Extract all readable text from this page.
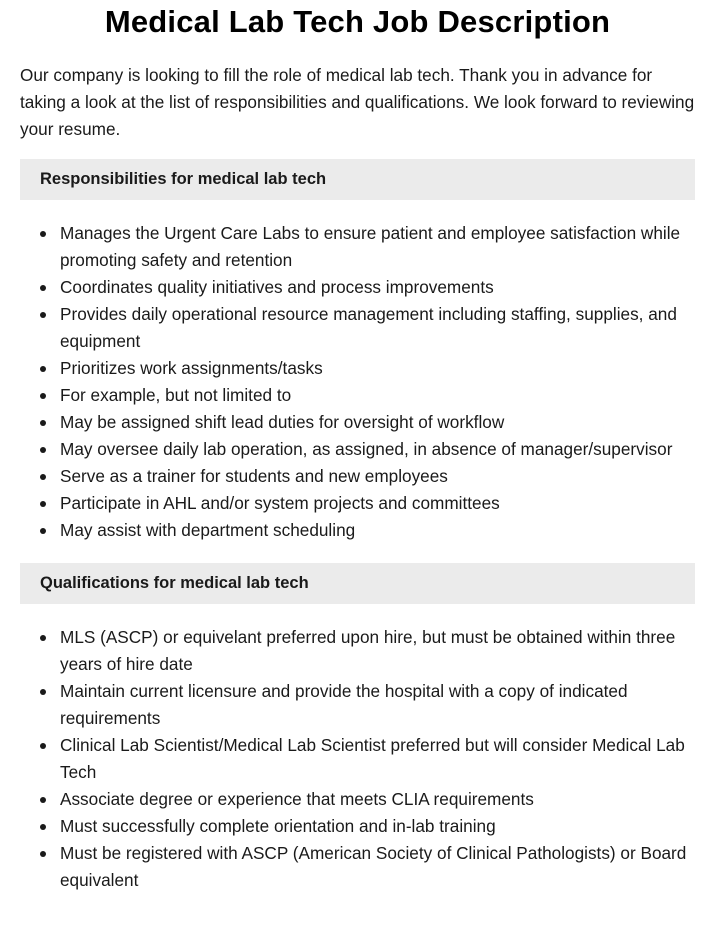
Medical Lab Tech Job Description

Our company is looking to fill the role of medical lab tech. Thank you in advance for taking a look at the list of responsibilities and qualifications. We look forward to reviewing your resume.

Responsibilities for medical lab tech
Manages the Urgent Care Labs to ensure patient and employee satisfaction while promoting safety and retention
Coordinates quality initiatives and process improvements
Provides daily operational resource management including staffing, supplies, and equipment
Prioritizes work assignments/tasks
For example, but not limited to
May be assigned shift lead duties for oversight of workflow
May oversee daily lab operation, as assigned, in absence of manager/supervisor
Serve as a trainer for students and new employees
Participate in AHL and/or system projects and committees
May assist with department scheduling
Qualifications for medical lab tech
MLS (ASCP) or equivelant preferred upon hire, but must be obtained within three years of hire date
Maintain current licensure and provide the hospital with a copy of indicated requirements
Clinical Lab Scientist/Medical Lab Scientist preferred but will consider Medical Lab Tech
Associate degree or experience that meets CLIA requirements
Must successfully complete orientation and in-lab training
Must be registered with ASCP (American Society of Clinical Pathologists) or Board equivalent
